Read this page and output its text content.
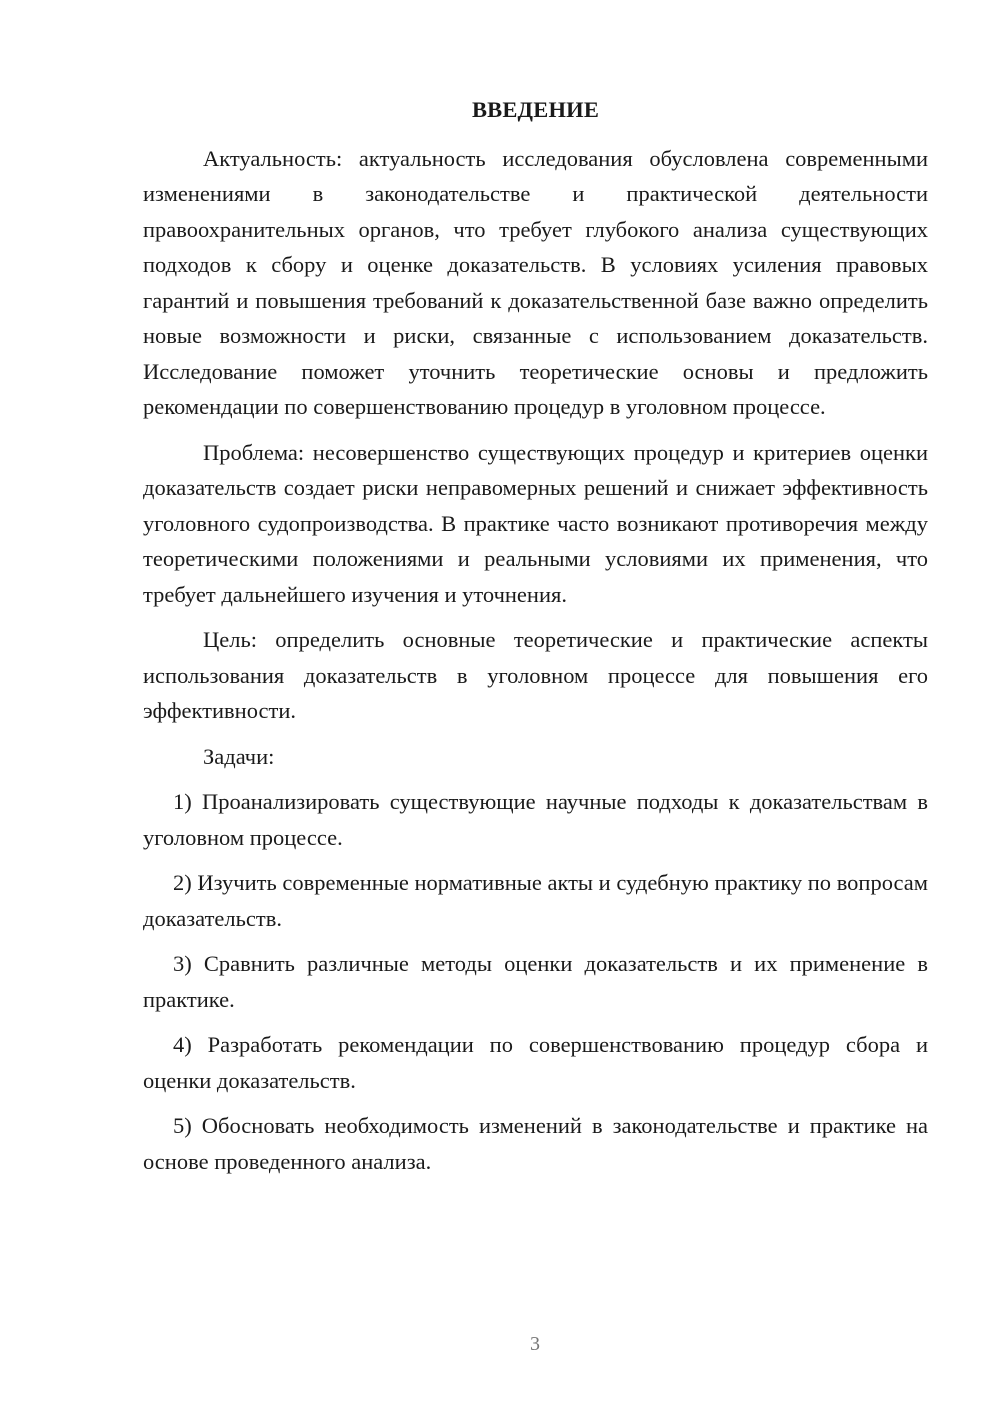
ВВЕДЕНИЕ

Актуальность: актуальность исследования обусловлена современными изменениями в законодательстве и практической деятельности правоохранительных органов, что требует глубокого анализа существующих подходов к сбору и оценке доказательств. В условиях усиления правовых гарантий и повышения требований к доказательственной базе важно определить новые возможности и риски, связанные с использованием доказательств. Исследование поможет уточнить теоретические основы и предложить рекомендации по совершенствованию процедур в уголовном процессе.

Проблема: несовершенство существующих процедур и критериев оценки доказательств создает риски неправомерных решений и снижает эффективность уголовного судопроизводства. В практике часто возникают противоречия между теоретическими положениями и реальными условиями их применения, что требует дальнейшего изучения и уточнения.

Цель: определить основные теоретические и практические аспекты использования доказательств в уголовном процессе для повышения его эффективности.

Задачи:

1) Проанализировать существующие научные подходы к доказательствам в уголовном процессе.

2) Изучить современные нормативные акты и судебную практику по вопросам доказательств.

3) Сравнить различные методы оценки доказательств и их применение в практике.

4) Разработать рекомендации по совершенствованию процедур сбора и оценки доказательств.

5) Обосновать необходимость изменений в законодательстве и практике на основе проведенного анализа.

3
